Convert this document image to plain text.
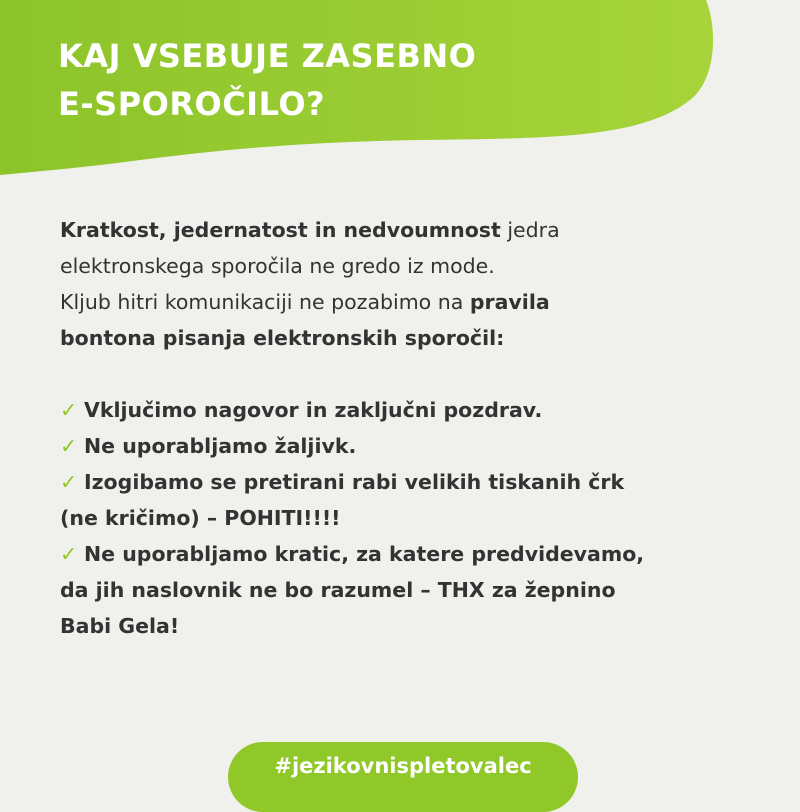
KAJ VSEBUJE ZASEBNO
E-SPOROČILO?

Kratkost, jedernatost in nedvoumnost jedra
elektronskega sporočila ne gredo iz mode.
Kljub hitri komunikaciji ne pozabimo na pravila
bontona pisanja elektronskih sporočil:

✓ Vključimo nagovor in zaključni pozdrav.
✓ Ne uporabljamo žaljivk.
✓ Izogibamo se pretirani rabi velikih tiskanih črk
(ne kričimo) – POHITI!!!!
✓ Ne uporabljamo kratic, za katere predvidevamo,
da jih naslovnik ne bo razumel – THX za žepnino
Babi Gela!
#jezikovnispletovalec
